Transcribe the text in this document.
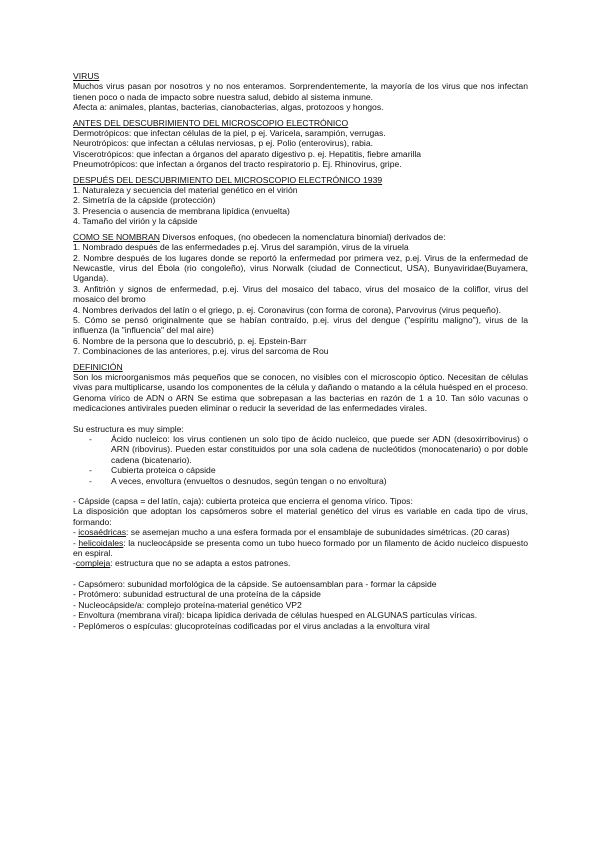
VIRUS

Muchos virus pasan por nosotros y no nos enteramos. Sorprendentemente, la mayoría de los virus que nos infectan tienen poco o nada de impacto sobre nuestra salud, debido al sistema inmune.

Afecta a: animales, plantas, bacterias, cianobacterias, algas, protozoos y hongos.

ANTES DEL DESCUBRIMIENTO DEL MICROSCOPIO ELECTRÓNICO

Dermotrópicos: que infectan células de la piel, p ej. Varicela, sarampión, verrugas.

Neurotrópicos: que infectan a células nerviosas, p ej. Polio (enterovirus), rabia.

Viscerotrópicos: que infectan a órganos del aparato digestivo p. ej. Hepatitis, fiebre amarilla

Pneumotrópicos: que infectan a órganos del tracto respiratorio p. Ej. Rhinovirus, gripe.

DESPUÉS DEL DESCUBRIMIENTO DEL MICROSCOPIO ELECTRÓNICO 1939

1. Naturaleza y secuencia del material genético en el virión

2. Simetría de la cápside (protección)

3. Presencia o ausencia de membrana lipídica (envuelta)

4. Tamaño del virión y la cápside

COMO SE NOMBRAN Diversos enfoques, (no obedecen la nomenclatura binomial) derivados de:

1. Nombrado después de las enfermedades p.ej. Virus del sarampión, virus de la viruela

2. Nombre después de los lugares donde se reportó la enfermedad por primera vez, p.ej. Virus de la enfermedad de Newcastle, virus del Ébola (rio congoleño), virus Norwalk (ciudad de Connecticut, USA), Bunyaviridae(Buyamera, Uganda).

3. Anfitrión y signos de enfermedad, p.ej. Virus del mosaico del tabaco, virus del mosaico de la coliflor, virus del mosaico del bromo

4. Nombres derivados del latín o el griego, p. ej. Coronavirus (con forma de corona), Parvovirus (virus pequeño).

5. Cómo se pensó originalmente que se habían contraído, p.ej. virus del dengue ("espíritu maligno"), virus de la influenza (la "influencia" del mal aire)

6. Nombre de la persona que lo descubrió, p. ej. Epstein-Barr

7. Combinaciones de las anteriores, p.ej. virus del sarcoma de Rou

DEFINICIÓN

Son los microorganismos más pequeños que se conocen, no visibles con el microscopio óptico. Necesitan de células vivas para multiplicarse, usando los componentes de la célula y dañando o matando a la célula huésped en el proceso. Genoma vírico de ADN o ARN Se estima que sobrepasan a las bacterias en razón de 1 a 10. Tan sólo vacunas o medicaciones antivirales pueden eliminar o reducir la severidad de las enfermedades virales.

Su estructura es muy simple:

- Ácido nucleico: los virus contienen un solo tipo de ácido nucleico, que puede ser ADN (desoxirribovirus) o ARN (ribovirus). Pueden estar constituidos por una sola cadena de nucleótidos (monocatenario) o por doble cadena (bicatenario).
- Cubierta proteica o cápside
- A veces, envoltura (envueltos o desnudos, según tengan o no envoltura)

- Cápside (capsa = del latín, caja): cubierta proteica que encierra el genoma vírico. Tipos:

La disposición que adoptan los capsómeros sobre el material genético del virus es variable en cada tipo de virus, formando:

- icosaédricas: se asemejan mucho a una esfera formada por el ensamblaje de subunidades simétricas. (20 caras)

- helicoidales: la nucleocápside se presenta como un tubo hueco formado por un filamento de ácido nucleico dispuesto en espiral.

-compleja: estructura que no se adapta a estos patrones.

- Capsómero: subunidad morfológica de la cápside. Se autoensamblan para - formar la cápside

- Protómero: subunidad estructural de una proteína de la cápside

- Nucleocápside/a: complejo proteína-material genético VP2

- Envoltura (membrana viral): bicapa lipídica derivada de células huesped en ALGUNAS partículas víricas.

- Peplómeros o espículas: glucoproteínas codificadas por el virus ancladas a la envoltura viral
